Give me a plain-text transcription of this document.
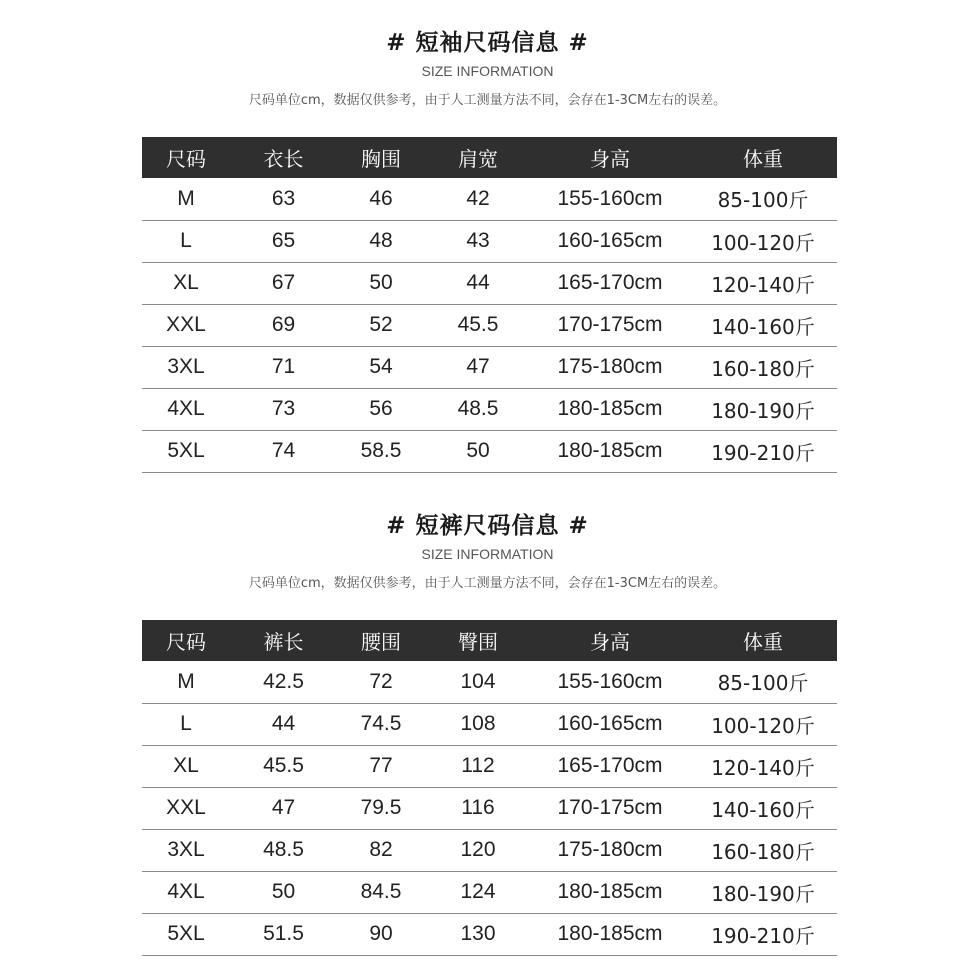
# 短袖尺码信息 #
SIZE INFORMATION
尺码单位cm，数据仅供参考，由于人工测量方法不同，会存在1-3CM左右的误差。
尺码	衣长	胸围	肩宽	身高	体重
M	63	46	42	155-160cm	85-100斤
L	65	48	43	160-165cm	100-120斤
XL	67	50	44	165-170cm	120-140斤
XXL	69	52	45.5	170-175cm	140-160斤
3XL	71	54	47	175-180cm	160-180斤
4XL	73	56	48.5	180-185cm	180-190斤
5XL	74	58.5	50	180-185cm	190-210斤
# 短裤尺码信息 #
SIZE INFORMATION
尺码单位cm，数据仅供参考，由于人工测量方法不同，会存在1-3CM左右的误差。
尺码	裤长	腰围	臀围	身高	体重
M	42.5	72	104	155-160cm	85-100斤
L	44	74.5	108	160-165cm	100-120斤
XL	45.5	77	112	165-170cm	120-140斤
XXL	47	79.5	116	170-175cm	140-160斤
3XL	48.5	82	120	175-180cm	160-180斤
4XL	50	84.5	124	180-185cm	180-190斤
5XL	51.5	90	130	180-185cm	190-210斤
